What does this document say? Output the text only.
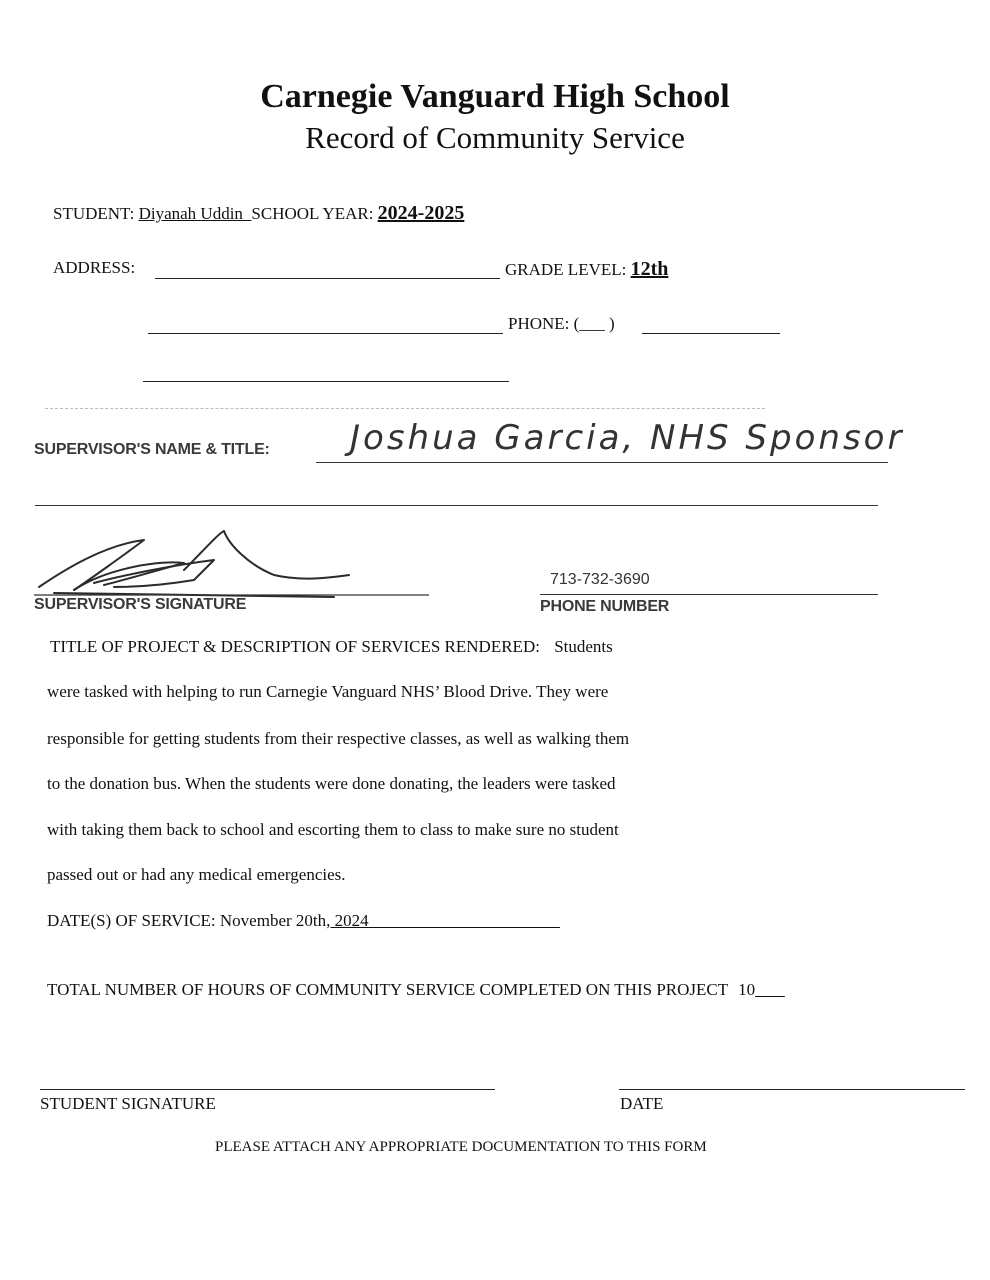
Carnegie Vanguard High School
Record of Community Service
STUDENT: Diyanah Uddin SCHOOL YEAR: 2024-2025
ADDRESS:	GRADE LEVEL: 12th
PHONE: (___ )
SUPERVISOR'S NAME & TITLE: Joshua Garcia, NHS Sponsor
SUPERVISOR'S SIGNATURE
713-732-3690
PHONE NUMBER
TITLE OF PROJECT & DESCRIPTION OF SERVICES RENDERED: Students
were tasked with helping to run Carnegie Vanguard NHS’ Blood Drive. They were
responsible for getting students from their respective classes, as well as walking them
to the donation bus. When the students were done donating, the leaders were tasked
with taking them back to school and escorting them to class to make sure no student
passed out or had any medical emergencies.
DATE(S) OF SERVICE: November 20th, 2024
TOTAL NUMBER OF HOURS OF COMMUNITY SERVICE COMPLETED ON THIS PROJECT 10
STUDENT SIGNATURE	DATE
PLEASE ATTACH ANY APPROPRIATE DOCUMENTATION TO THIS FORM
